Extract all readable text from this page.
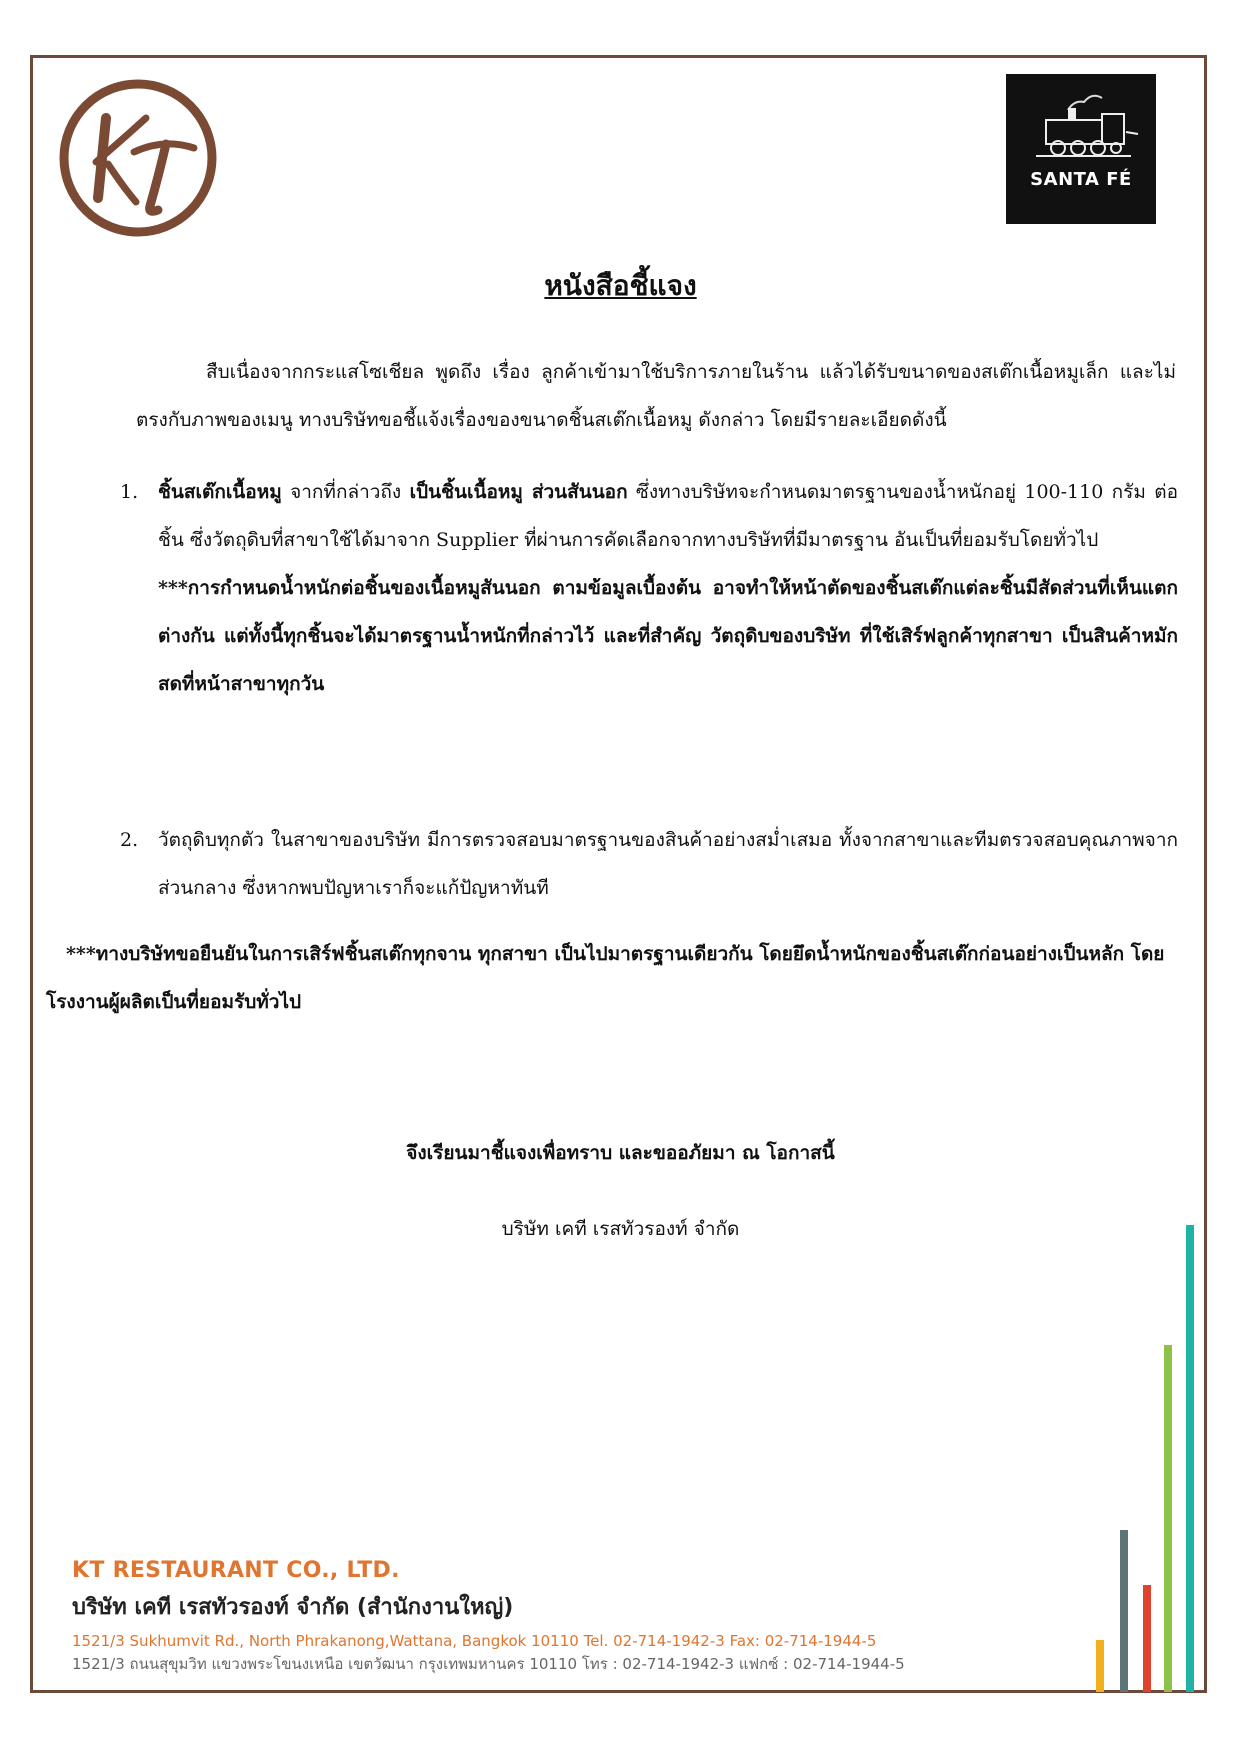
SANTA FÉ
หนังสือชี้แจง
สืบเนื่องจากกระแสโซเชียล พูดถึง เรื่อง ลูกค้าเข้ามาใช้บริการภายในร้าน แล้วได้รับขนาดของสเต๊กเนื้อหมูเล็ก และไม่ตรงกับภาพของเมนู ทางบริษัทขอชี้แจ้งเรื่องของขนาดชิ้นสเต๊กเนื้อหมู ดังกล่าว โดยมีรายละเอียดดังนี้
1.	ชิ้นสเต๊กเนื้อหมู จากที่กล่าวถึง เป็นชิ้นเนื้อหมู ส่วนสันนอก ซึ่งทางบริษัทจะกำหนดมาตรฐานของน้ำหนักอยู่ 100-110 กรัม ต่อชิ้น ซึ่งวัตถุดิบที่สาขาใช้ได้มาจาก Supplier ที่ผ่านการคัดเลือกจากทางบริษัทที่มีมาตรฐาน อันเป็นที่ยอมรับโดยทั่วไป
***การกำหนดน้ำหนักต่อชิ้นของเนื้อหมูสันนอก ตามข้อมูลเบื้องต้น อาจทำให้หน้าตัดของชิ้นสเต๊กแต่ละชิ้นมีสัดส่วนที่เห็นแตกต่างกัน แต่ทั้งนี้ทุกชิ้นจะได้มาตรฐานน้ำหนักที่กล่าวไว้ และที่สำคัญ วัตถุดิบของบริษัท ที่ใช้เสิร์ฟลูกค้าทุกสาขา เป็นสินค้าหมักสดที่หน้าสาขาทุกวัน
2.	วัตถุดิบทุกตัว ในสาขาของบริษัท มีการตรวจสอบมาตรฐานของสินค้าอย่างสม่ำเสมอ ทั้งจากสาขาและทีมตรวจสอบคุณภาพจากส่วนกลาง ซึ่งหากพบปัญหาเราก็จะแก้ปัญหาทันที
***ทางบริษัทขอยืนยันในการเสิร์ฟชิ้นสเต๊กทุกจาน ทุกสาขา เป็นไปมาตรฐานเดียวกัน โดยยึดน้ำหนักของชิ้นสเต๊กก่อนอย่างเป็นหลัก โดยโรงงานผู้ผลิตเป็นที่ยอมรับทั่วไป
จึงเรียนมาชี้แจงเพื่อทราบ และขออภัยมา ณ โอกาสนี้
บริษัท เคที เรสทัวรองท์ จำกัด
KT RESTAURANT CO., LTD.
บริษัท เคที เรสทัวรองท์ จำกัด (สำนักงานใหญ่)
1521/3 Sukhumvit Rd., North Phrakanong,Wattana, Bangkok 10110 Tel. 02-714-1942-3 Fax: 02-714-1944-5
1521/3 ถนนสุขุมวิท แขวงพระโขนงเหนือ เขตวัฒนา กรุงเทพมหานคร 10110 โทร : 02-714-1942-3 แฟกซ์ : 02-714-1944-5
